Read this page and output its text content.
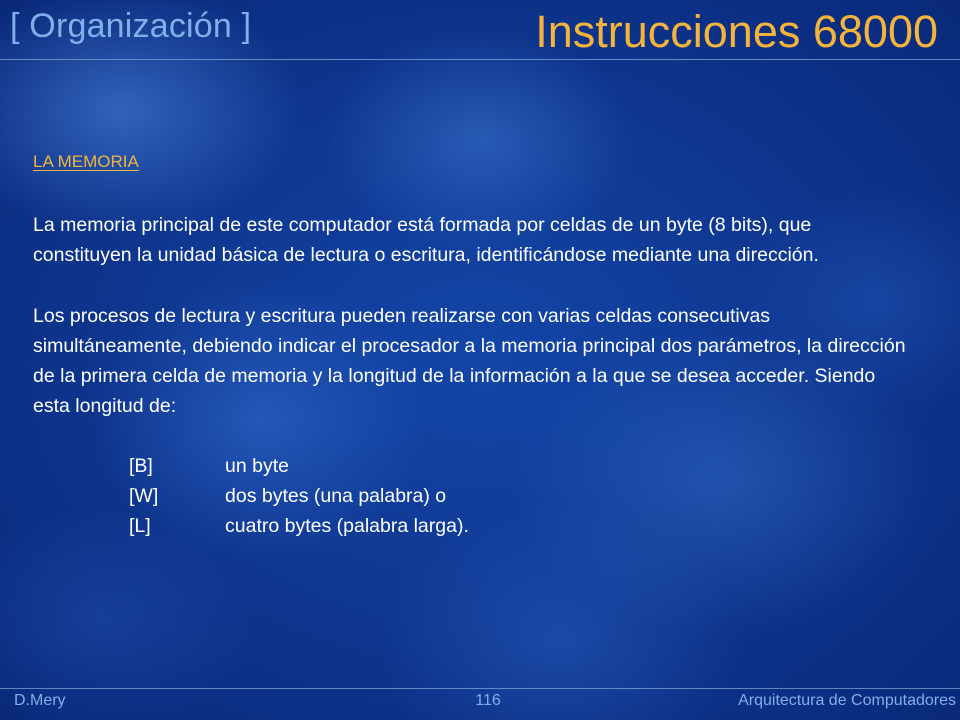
[ Organización ]	Instrucciones 68000
LA MEMORIA

La memoria principal de este computador está formada por celdas de un byte (8 bits), que constituyen la unidad básica de lectura o escritura, identificándose mediante una dirección.

Los procesos de lectura y escritura pueden realizarse con varias celdas consecutivas simultáneamente, debiendo indicar el procesador a la memoria principal dos parámetros, la dirección de la primera celda de memoria y la longitud de la información a la que se desea acceder. Siendo esta longitud de:

[B]	un byte
[W]	dos bytes (una palabra) o
[L]	cuatro bytes (palabra larga).
D.Mery	116	Arquitectura de Computadores
